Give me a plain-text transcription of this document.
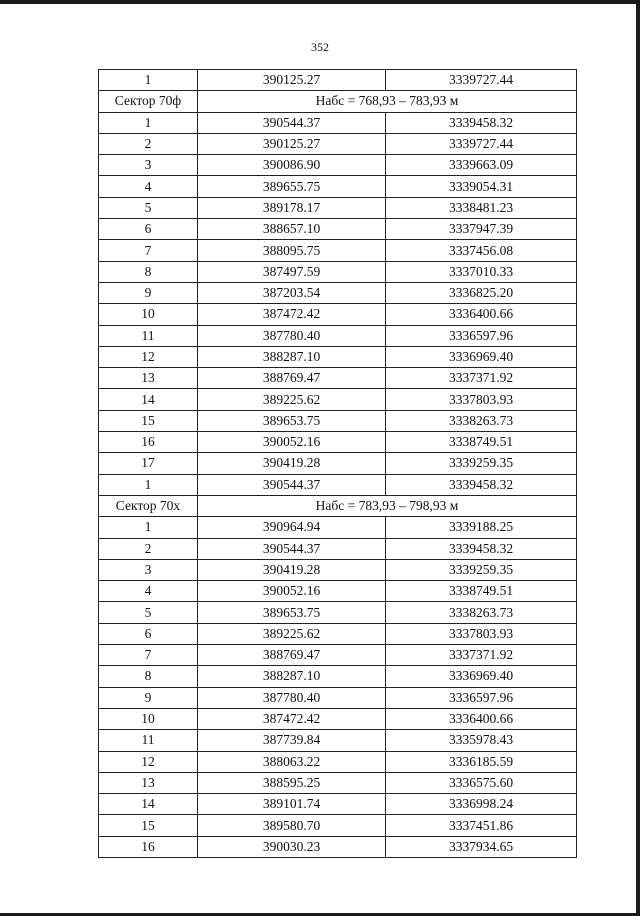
352
1	390125.27	3339727.44
Сектор 70ф	Набс = 768,93 – 783,93 м	
1	390544.37	3339458.32
2	390125.27	3339727.44
3	390086.90	3339663.09
4	389655.75	3339054.31
5	389178.17	3338481.23
6	388657.10	3337947.39
7	388095.75	3337456.08
8	387497.59	3337010.33
9	387203.54	3336825.20
10	387472.42	3336400.66
11	387780.40	3336597.96
12	388287.10	3336969.40
13	388769.47	3337371.92
14	389225.62	3337803.93
15	389653.75	3338263.73
16	390052.16	3338749.51
17	390419.28	3339259.35
1	390544.37	3339458.32
Сектор 70х	Набс = 783,93 – 798,93 м	
1	390964.94	3339188.25
2	390544.37	3339458.32
3	390419.28	3339259.35
4	390052.16	3338749.51
5	389653.75	3338263.73
6	389225.62	3337803.93
7	388769.47	3337371.92
8	388287.10	3336969.40
9	387780.40	3336597.96
10	387472.42	3336400.66
11	387739.84	3335978.43
12	388063.22	3336185.59
13	388595.25	3336575.60
14	389101.74	3336998.24
15	389580.70	3337451.86
16	390030.23	3337934.65
